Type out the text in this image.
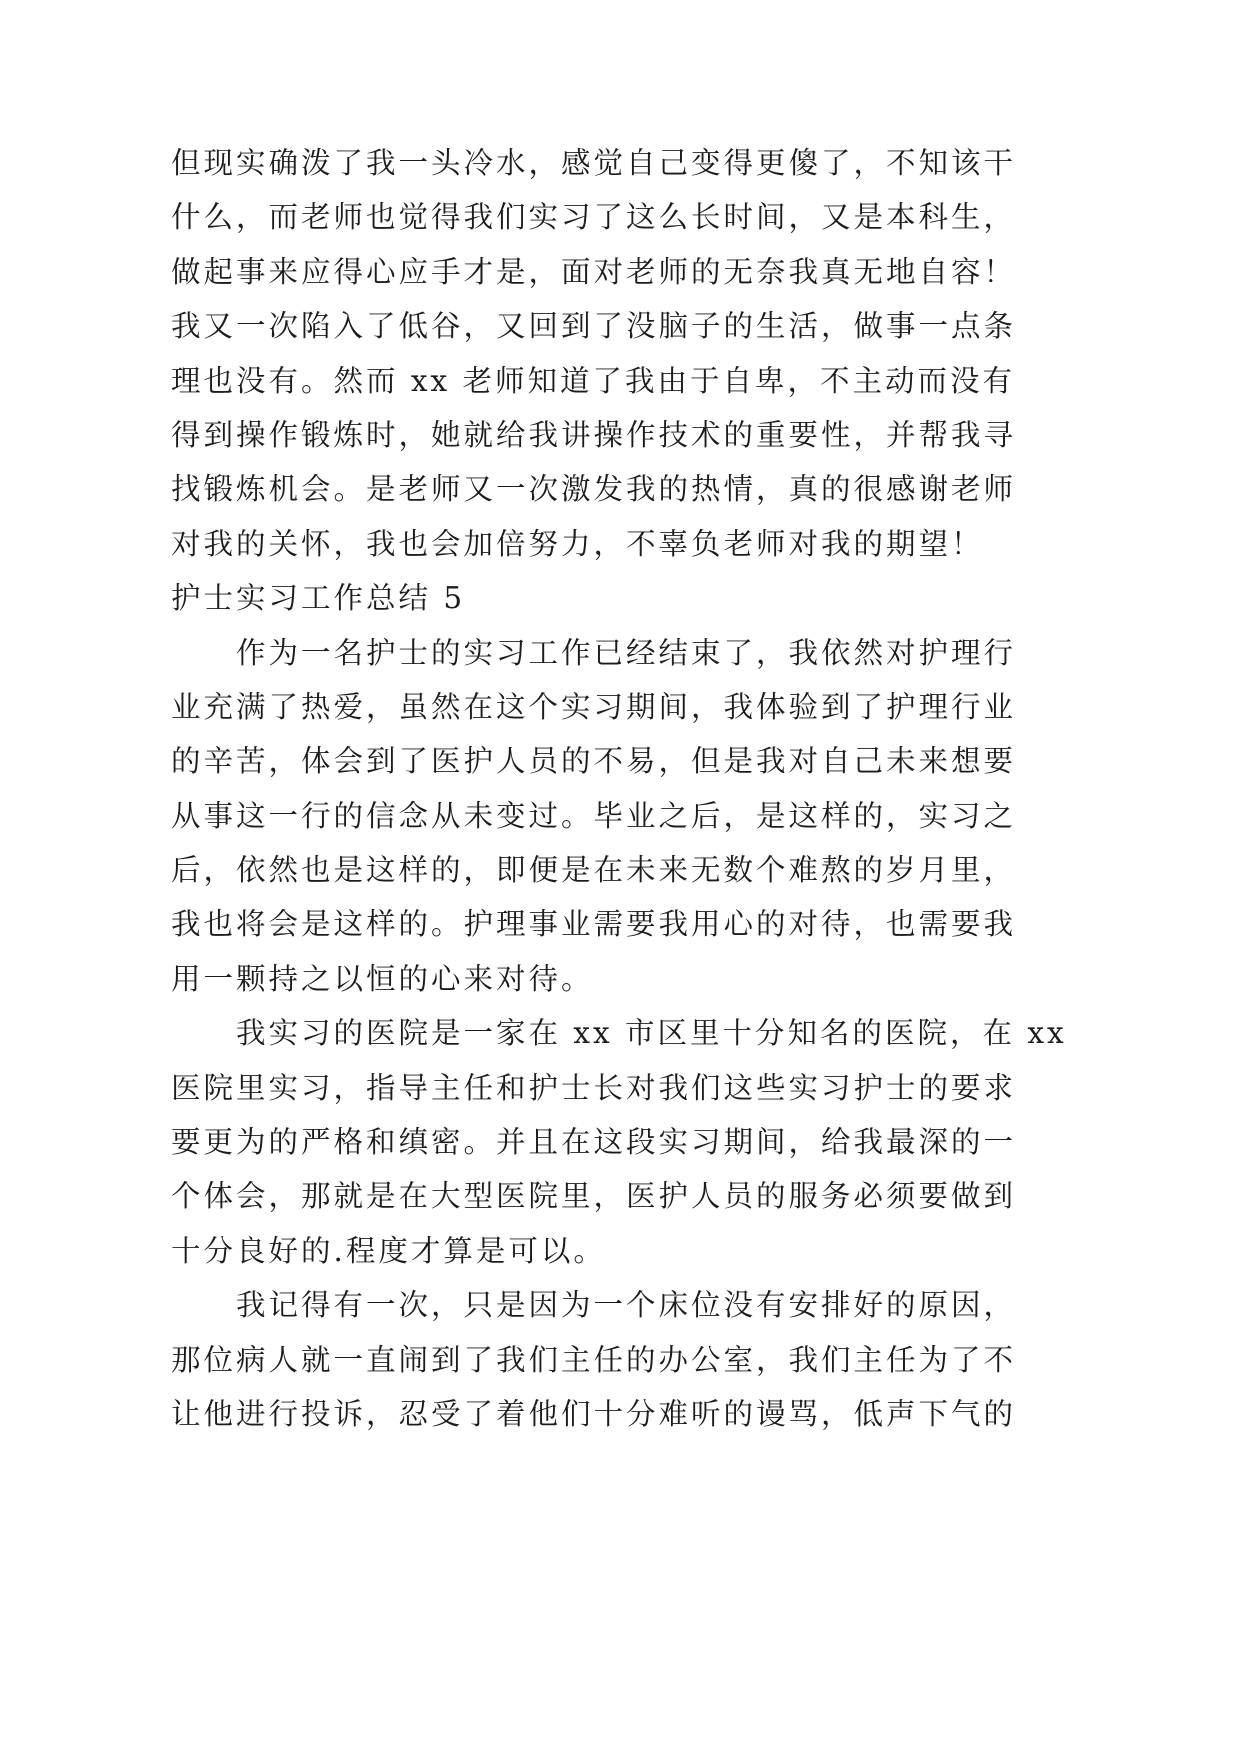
但现实确泼了我一头冷水，感觉自己变得更傻了，不知该干
什么，而老师也觉得我们实习了这么长时间，又是本科生，
做起事来应得心应手才是，面对老师的无奈我真无地自容！
我又一次陷入了低谷，又回到了没脑子的生活，做事一点条
理也没有。然而 xx 老师知道了我由于自卑，不主动而没有
得到操作锻炼时，她就给我讲操作技术的重要性，并帮我寻
找锻炼机会。是老师又一次激发我的热情，真的很感谢老师
对我的关怀，我也会加倍努力，不辜负老师对我的期望！
护士实习工作总结 5
　　作为一名护士的实习工作已经结束了，我依然对护理行
业充满了热爱，虽然在这个实习期间，我体验到了护理行业
的辛苦，体会到了医护人员的不易，但是我对自己未来想要
从事这一行的信念从未变过。毕业之后，是这样的，实习之
后，依然也是这样的，即便是在未来无数个难熬的岁月里，
我也将会是这样的。护理事业需要我用心的对待，也需要我
用一颗持之以恒的心来对待。
　　我实习的医院是一家在 xx 市区里十分知名的医院，在 xx
医院里实习，指导主任和护士长对我们这些实习护士的要求
要更为的严格和缜密。并且在这段实习期间，给我最深的一
个体会，那就是在大型医院里，医护人员的服务必须要做到
十分良好的.程度才算是可以。
　　我记得有一次，只是因为一个床位没有安排好的原因，
那位病人就一直闹到了我们主任的办公室，我们主任为了不
让他进行投诉，忍受了着他们十分难听的谩骂，低声下气的
